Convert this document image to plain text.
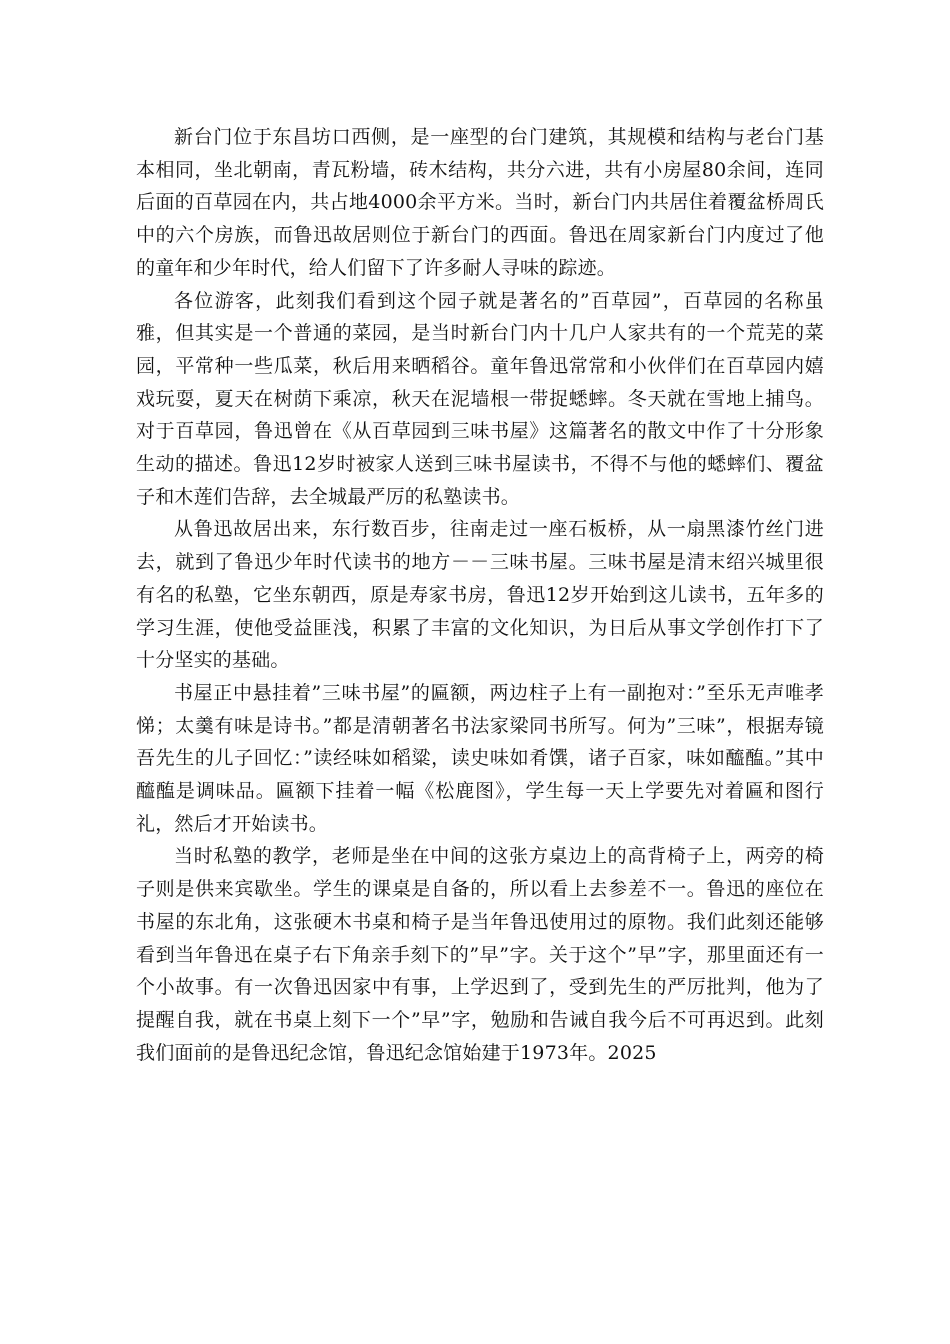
新台门位于东昌坊口西侧，是一座型的台门建筑，其规模和结构与老台门基本相同，坐北朝南，青瓦粉墙，砖木结构，共分六进，共有小房屋80余间，连同后面的百草园在内，共占地4000余平方米。当时，新台门内共居住着覆盆桥周氏中的六个房族，而鲁迅故居则位于新台门的西面。鲁迅在周家新台门内度过了他的童年和少年时代，给人们留下了许多耐人寻味的踪迹。

各位游客，此刻我们看到这个园子就是著名的”百草园”，百草园的名称虽雅，但其实是一个普通的菜园，是当时新台门内十几户人家共有的一个荒芜的菜园，平常种一些瓜菜，秋后用来晒稻谷。童年鲁迅常常和小伙伴们在百草园内嬉戏玩耍，夏天在树荫下乘凉，秋天在泥墙根一带捉蟋蟀。冬天就在雪地上捕鸟。对于百草园，鲁迅曾在《从百草园到三味书屋》这篇著名的散文中作了十分形象生动的描述。鲁迅12岁时被家人送到三味书屋读书，不得不与他的蟋蟀们、覆盆子和木莲们告辞，去全城最严厉的私塾读书。

从鲁迅故居出来，东行数百步，往南走过一座石板桥，从一扇黑漆竹丝门进去，就到了鲁迅少年时代读书的地方－－三味书屋。三味书屋是清末绍兴城里很有名的私塾，它坐东朝西，原是寿家书房，鲁迅12岁开始到这儿读书，五年多的学习生涯，使他受益匪浅，积累了丰富的文化知识，为日后从事文学创作打下了十分坚实的基础。

书屋正中悬挂着”三味书屋”的匾额，两边柱子上有一副抱对：”至乐无声唯孝悌；太羹有味是诗书。”都是清朝著名书法家梁同书所写。何为”三味”，根据寿镜吾先生的儿子回忆：”读经味如稻粱，读史味如肴馔，诸子百家，味如醯醢。”其中醯醢是调味品。匾额下挂着一幅《松鹿图》，学生每一天上学要先对着匾和图行礼，然后才开始读书。

当时私塾的教学，老师是坐在中间的这张方桌边上的高背椅子上，两旁的椅子则是供来宾歇坐。学生的课桌是自备的，所以看上去参差不一。鲁迅的座位在书屋的东北角，这张硬木书桌和椅子是当年鲁迅使用过的原物。我们此刻还能够看到当年鲁迅在桌子右下角亲手刻下的”早”字。关于这个”早”字，那里面还有一个小故事。有一次鲁迅因家中有事，上学迟到了，受到先生的严厉批判，他为了提醒自我，就在书桌上刻下一个”早”字，勉励和告诫自我今后不可再迟到。此刻我们面前的是鲁迅纪念馆，鲁迅纪念馆始建于1973年。2025
